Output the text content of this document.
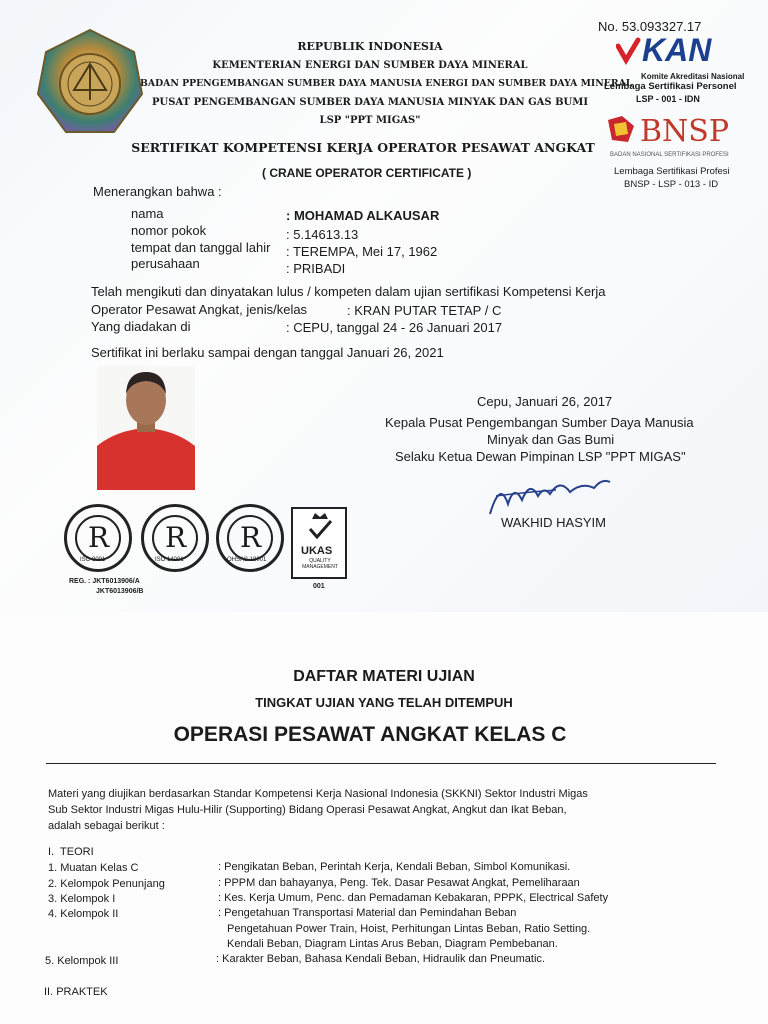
No. 53.093327.17
REPUBLIK INDONESIA
KEMENTERIAN ENERGI DAN SUMBER DAYA MINERAL
BADAN PPENGEMBANGAN SUMBER DAYA MANUSIA ENERGI DAN SUMBER DAYA MINERAL
PUSAT PENGEMBANGAN SUMBER DAYA MANUSIA MINYAK DAN GAS BUMI
LSP "PPT MIGAS"
KAN
Komite Akreditasi Nasional
Lembaga Sertifikasi Personel
LSP - 001 - IDN
BNSP
BADAN NASIONAL SERTIFIKASI PROFESI
Lembaga Sertifikasi Profesi
BNSP - LSP - 013 - ID
SERTIFIKAT KOMPETENSI KERJA OPERATOR PESAWAT ANGKAT
( CRANE OPERATOR CERTIFICATE )
Menerangkan bahwa :
nama	: MOHAMAD ALKAUSAR
nomor pokok	: 5.14613.13
tempat dan tanggal lahir : TEREMPA, Mei 17, 1962
perusahaan	: PRIBADI
Telah mengikuti dan dinyatakan lulus / kompeten dalam ujian sertifikasi Kompetensi Kerja
Operator Pesawat Angkat, jenis/kelas	: KRAN PUTAR TETAP / C
Yang diadakan di	: CEPU, tanggal 24 - 26 Januari 2017
Sertifikat ini berlaku sampai dengan tanggal Januari 26, 2021
Cepu, Januari 26, 2017
Kepala Pusat Pengembangan Sumber Daya Manusia
Minyak dan Gas Bumi
Selaku Ketua Dewan Pimpinan LSP "PPT MIGAS"
WAKHID HASYIM
R
ISO 9001
R
ISO 14001
R
OHSAS 18001
UKAS
QUALITY MANAGEMENT
001
REG. : JKT6013906/A
JKT6013906/B
DAFTAR MATERI UJIAN
TINGKAT UJIAN YANG TELAH DITEMPUH
OPERASI PESAWAT ANGKAT KELAS C
Materi yang diujikan berdasarkan Standar Kompetensi Kerja Nasional Indonesia (SKKNI) Sektor Industri Migas
Sub Sektor Industri Migas Hulu-Hilir (Supporting) Bidang Operasi Pesawat Angkat, Angkut dan Ikat Beban,
adalah sebagai berikut :
I.  TEORI
1. Muatan Kelas C	: Pengikatan Beban, Perintah Kerja, Kendali Beban, Simbol Komunikasi.
2. Kelompok Penunjang	: PPPM dan bahayanya, Peng. Tek. Dasar Pesawat Angkat, Pemeliharaan
3. Kelompok I	: Kes. Kerja Umum, Penc. dan Pemadaman Kebakaran, PPPK, Electrical Safety
4. Kelompok II	: Pengetahuan Transportasi Material dan Pemindahan Beban
Pengetahuan Power Train, Hoist, Perhitungan Lintas Beban, Ratio Setting.
Kendali Beban, Diagram Lintas Arus Beban, Diagram Pembebanan.
5. Kelompok III	: Karakter Beban, Bahasa Kendali Beban, Hidraulik dan Pneumatic.
II. PRAKTEK
